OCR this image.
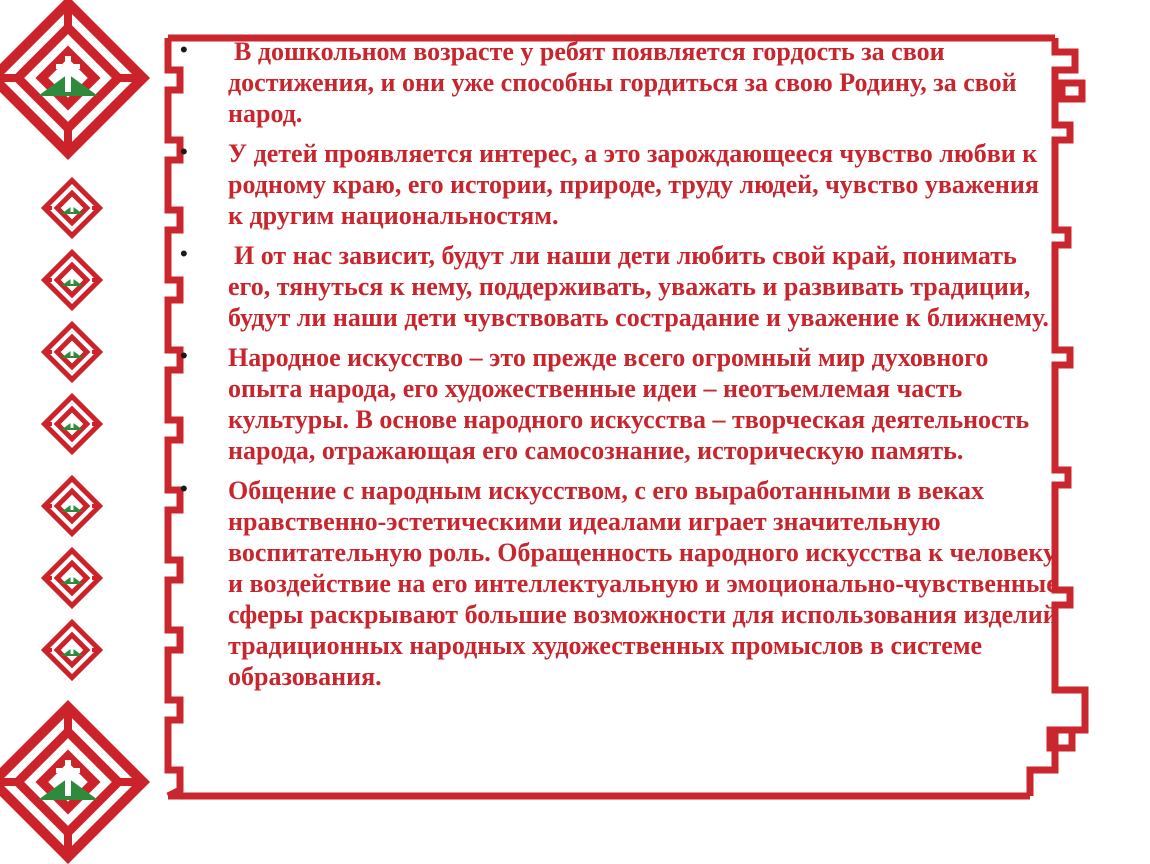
• В дошкольном возрасте у ребят появляется гордость за свои достижения, и они уже способны гордиться за свою Родину, за свой народ.
• У детей проявляется интерес, а это зарождающееся чувство любви к родному краю, его истории, природе, труду людей, чувство уважения к другим национальностям.
• И от нас зависит, будут ли наши дети любить свой край, понимать его, тянуться к нему, поддерживать, уважать и развивать традиции, будут ли наши дети чувствовать сострадание и уважение к ближнему.
• Народное искусство – это прежде всего огромный мир духовного опыта народа, его художественные идеи – неотъемлемая часть культуры. В основе народного искусства – творческая деятельность народа, отражающая его самосознание, историческую память.
• Общение с народным искусством, с его выработанными в веках нравственно-эстетическими идеалами играет значительную воспитательную роль. Обращенность народного искусства к человеку и воздействие на его интеллектуальную и эмоционально-чувственные сферы раскрывают большие возможности для использования изделий традиционных народных художественных промыслов в системе образования.
